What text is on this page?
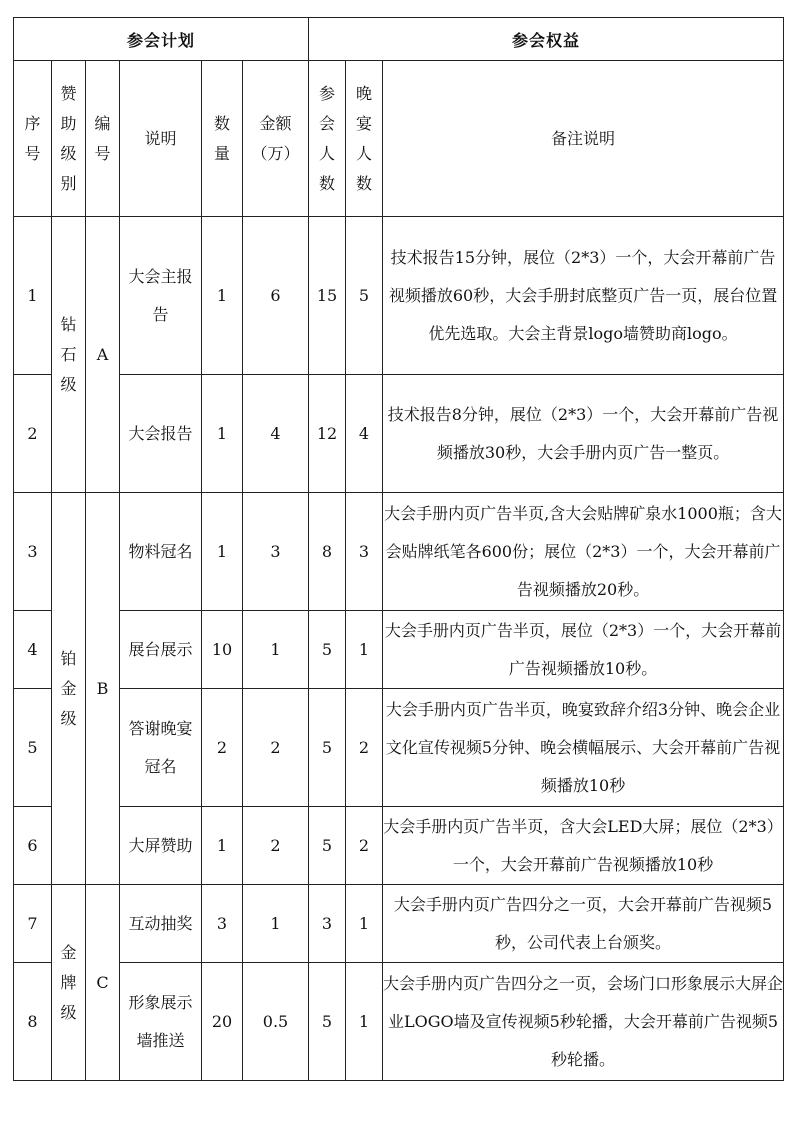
参会计划						参会权益		
序号	赞助级别	编号	说明	数量	金额（万）	参会人数	晚宴人数	备注说明
1	钻石级	A	大会主报告	1	6	15	5	技术报告15分钟，展位（2*3）一个，大会开幕前广告视频播放60秒，大会手册封底整页广告一页，展台位置优先选取。大会主背景logo墙赞助商logo。
2			大会报告	1	4	12	4	技术报告8分钟，展位（2*3）一个，大会开幕前广告视频播放30秒，大会手册内页广告一整页。
3	铂金级	B	物料冠名	1	3	8	3	大会手册内页广告半页,含大会贴牌矿泉水1000瓶；含大会贴牌纸笔各600份；展位（2*3）一个，大会开幕前广告视频播放20秒。
4			展台展示	10	1	5	1	大会手册内页广告半页，展位（2*3）一个，大会开幕前广告视频播放10秒。
5			答谢晚宴冠名	2	2	5	2	大会手册内页广告半页，晚宴致辞介绍3分钟、晚会企业文化宣传视频5分钟、晚会横幅展示、大会开幕前广告视频播放10秒
6			大屏赞助	1	2	5	2	大会手册内页广告半页，含大会LED大屏；展位（2*3）一个，大会开幕前广告视频播放10秒
7	金牌级	C	互动抽奖	3	1	3	1	大会手册内页广告四分之一页，大会开幕前广告视频5秒，公司代表上台颁奖。
8			形象展示墙推送	20	0.5	5	1	大会手册内页广告四分之一页，会场门口形象展示大屏企业LOGO墙及宣传视频5秒轮播，大会开幕前广告视频5秒轮播。
